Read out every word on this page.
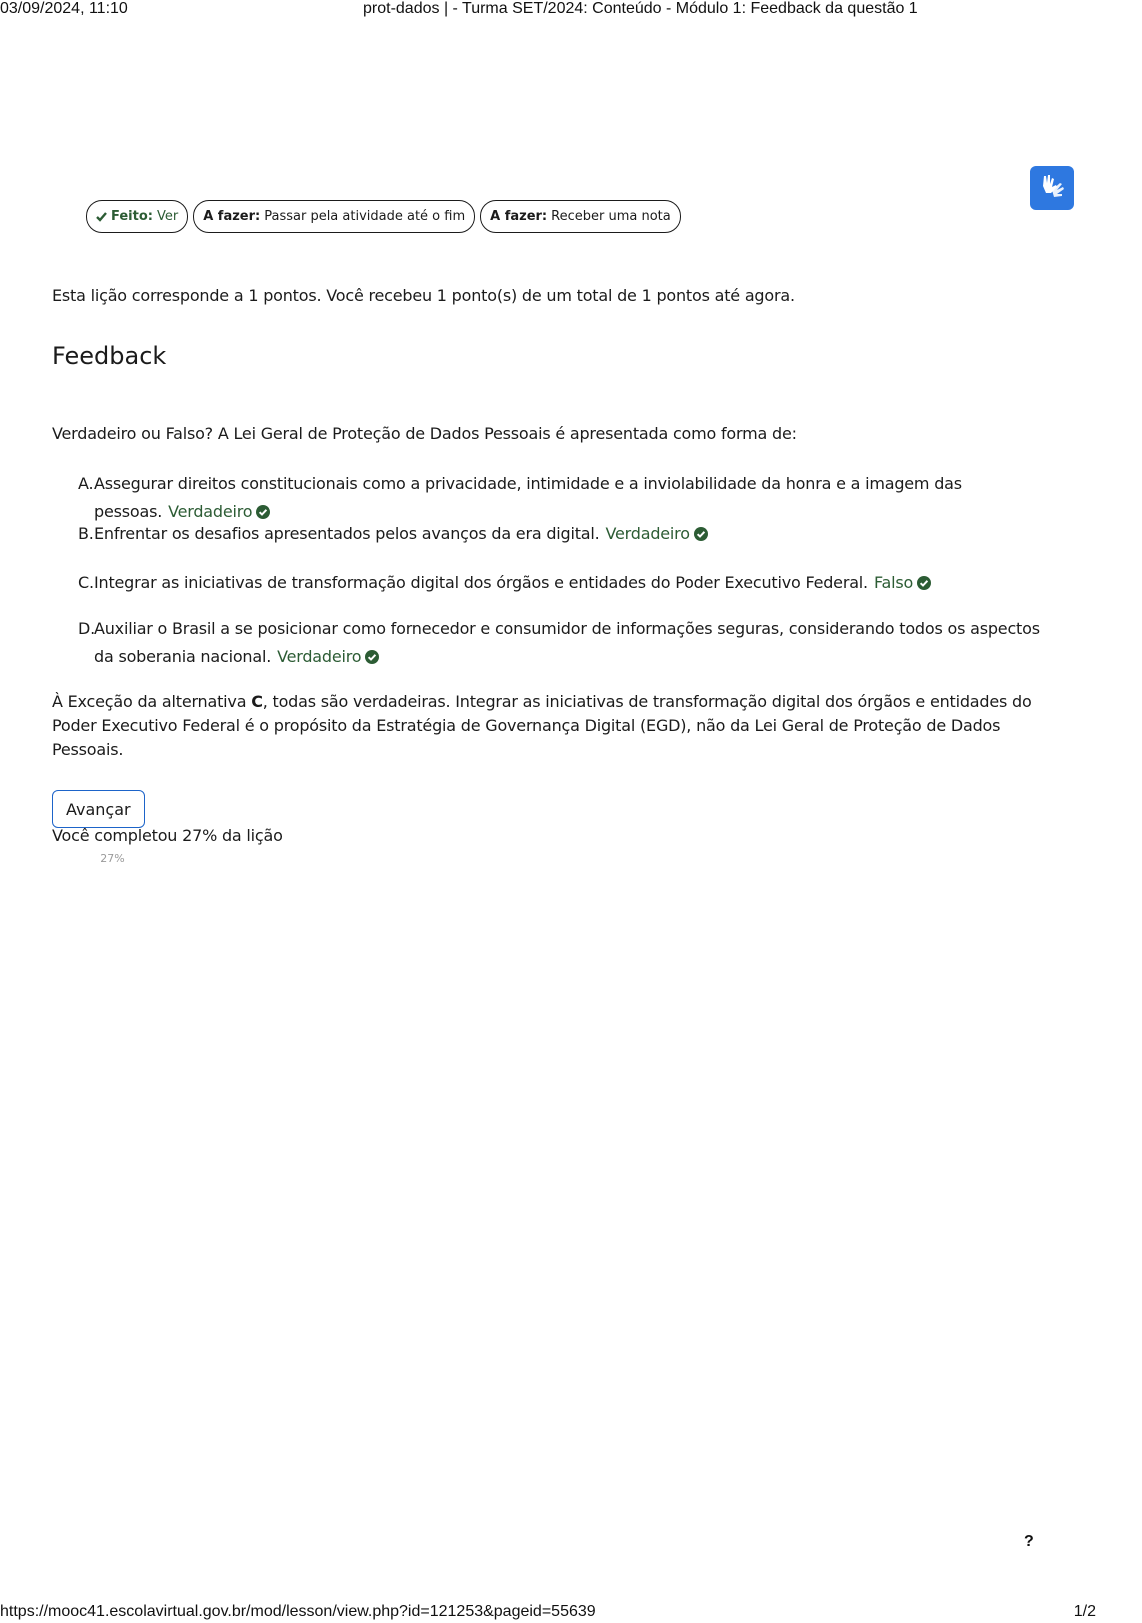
03/09/2024, 11:10	prot-dados | - Turma SET/2024: Conteúdo - Módulo 1: Feedback da questão 1
Feito: Ver A fazer: Passar pela atividade até o fim A fazer: Receber uma nota
Esta lição corresponde a 1 pontos. Você recebeu 1 ponto(s) de um total de 1 pontos até agora.
Feedback
Verdadeiro ou Falso? A Lei Geral de Proteção de Dados Pessoais é apresentada como forma de:
A. Assegurar direitos constitucionais como a privacidade, intimidade e a inviolabilidade da honra e a imagem das pessoas. Verdadeiro
B. Enfrentar os desafios apresentados pelos avanços da era digital. Verdadeiro
C. Integrar as iniciativas de transformação digital dos órgãos e entidades do Poder Executivo Federal. Falso
D.
Auxiliar o Brasil a se posicionar como fornecedor e consumidor de informações seguras, considerando todos os aspectos da soberania nacional. Verdadeiro
À Exceção da alternativa C, todas são verdadeiras. Integrar as iniciativas de transformação digital dos órgãos e entidades do Poder Executivo Federal é o propósito da Estratégia de Governança Digital (EGD), não da Lei Geral de Proteção de Dados Pessoais.
Avançar
Você completou 27% da lição
27%
?
https://mooc41.escolavirtual.gov.br/mod/lesson/view.php?id=121253&pageid=55639	1/2
